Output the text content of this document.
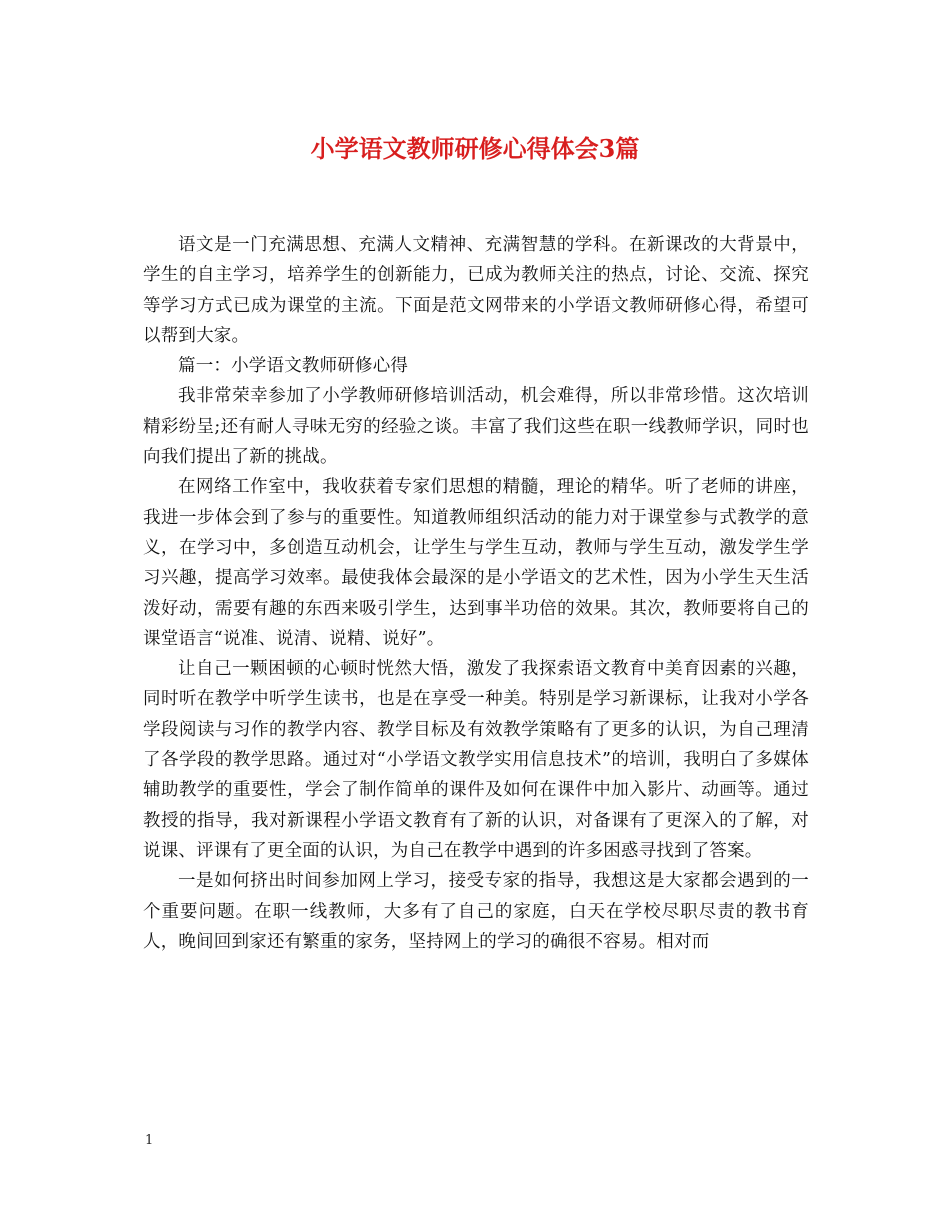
小学语文教师研修心得体会3篇

语文是一门充满思想、充满人文精神、充满智慧的学科。在新课改的大背景中，学生的自主学习，培养学生的创新能力，已成为教师关注的热点，讨论、交流、探究等学习方式已成为课堂的主流。下面是范文网带来的小学语文教师研修心得，希望可以帮到大家。

篇一：小学语文教师研修心得

我非常荣幸参加了小学教师研修培训活动，机会难得，所以非常珍惜。这次培训精彩纷呈;还有耐人寻味无穷的经验之谈。丰富了我们这些在职一线教师学识，同时也向我们提出了新的挑战。

在网络工作室中，我收获着专家们思想的精髓，理论的精华。听了老师的讲座，我进一步体会到了参与的重要性。知道教师组织活动的能力对于课堂参与式教学的意义，在学习中，多创造互动机会，让学生与学生互动，教师与学生互动，激发学生学习兴趣，提高学习效率。最使我体会最深的是小学语文的艺术性，因为小学生天生活泼好动，需要有趣的东西来吸引学生，达到事半功倍的效果。其次，教师要将自己的课堂语言“说准、说清、说精、说好”。

让自己一颗困顿的心顿时恍然大悟，激发了我探索语文教育中美育因素的兴趣，同时听在教学中听学生读书，也是在享受一种美。特别是学习新课标，让我对小学各学段阅读与习作的教学内容、教学目标及有效教学策略有了更多的认识，为自己理清了各学段的教学思路。通过对“小学语文教学实用信息技术”的培训，我明白了多媒体辅助教学的重要性，学会了制作简单的课件及如何在课件中加入影片、动画等。通过教授的指导，我对新课程小学语文教育有了新的认识，对备课有了更深入的了解，对说课、评课有了更全面的认识，为自己在教学中遇到的许多困惑寻找到了答案。

一是如何挤出时间参加网上学习，接受专家的指导，我想这是大家都会遇到的一个重要问题。在职一线教师，大多有了自己的家庭，白天在学校尽职尽责的教书育人，晚间回到家还有繁重的家务，坚持网上的学习的确很不容易。相对而

1
